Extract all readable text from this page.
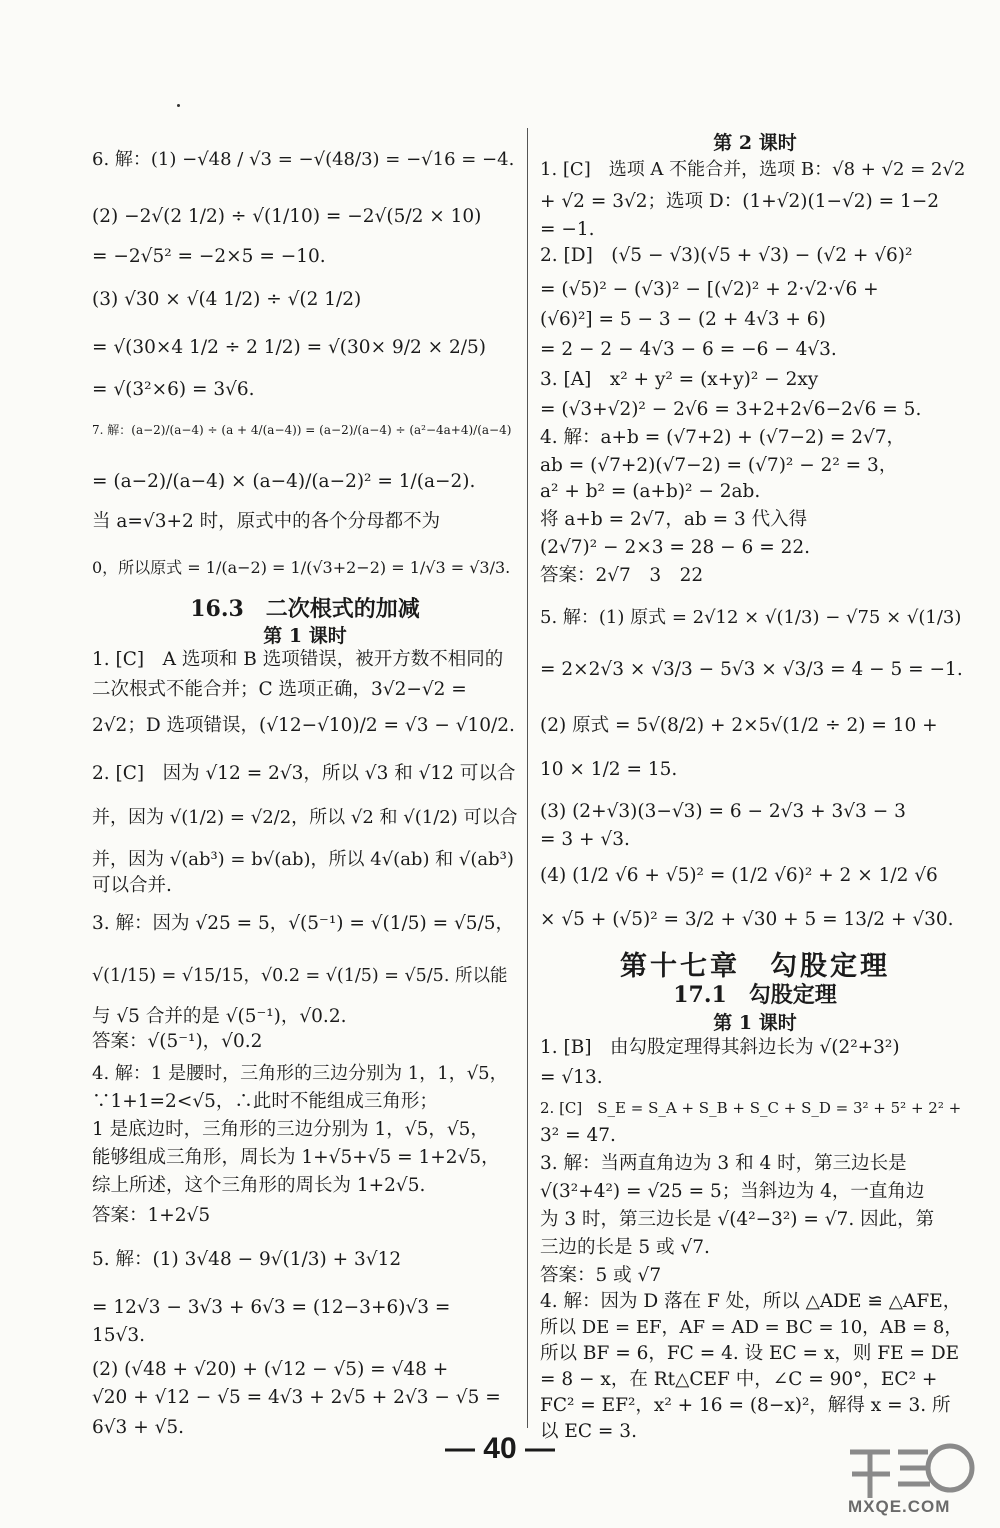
6. 解：(1) −√48 / √3 = −√(48/3) = −√16 = −4.
(2) −2√(2 1/2) ÷ √(1/10) = −2√(5/2 × 10)
= −2√5² = −2×5 = −10.
(3) √30 × √(4 1/2) ÷ √(2 1/2)
= √(30×4 1/2 ÷ 2 1/2) = √(30× 9/2 × 2/5)
= √(3²×6) = 3√6.
7. 解：(a−2)/(a−4) ÷ (a + 4/(a−4)) = (a−2)/(a−4) ÷ (a²−4a+4)/(a−4)
= (a−2)/(a−4) × (a−4)/(a−2)² = 1/(a−2).
当 a=√3+2 时，原式中的各个分母都不为
0，所以原式 = 1/(a−2) = 1/(√3+2−2) = 1/√3 = √3/3.
16.3　二次根式的加减
第 1 课时
1. [C]　A 选项和 B 选项错误，被开方数不相同的
二次根式不能合并；C 选项正确，3√2−√2 =
2√2；D 选项错误，(√12−√10)/2 = √3 − √10/2.
2. [C]　因为 √12 = 2√3，所以 √3 和 √12 可以合
并，因为 √(1/2) = √2/2，所以 √2 和 √(1/2) 可以合
并，因为 √(ab³) = b√(ab)，所以 4√(ab) 和 √(ab³)
可以合并.
3. 解：因为 √25 = 5，√(5⁻¹) = √(1/5) = √5/5，
√(1/15) = √15/15，√0.2 = √(1/5) = √5/5. 所以能
与 √5 合并的是 √(5⁻¹)，√0.2.
答案：√(5⁻¹)，√0.2
4. 解：1 是腰时，三角形的三边分别为 1，1，√5，
∵1+1=2<√5，∴此时不能组成三角形；
1 是底边时，三角形的三边分别为 1，√5，√5，
能够组成三角形，周长为 1+√5+√5 = 1+2√5，
综上所述，这个三角形的周长为 1+2√5.
答案：1+2√5
5. 解：(1) 3√48 − 9√(1/3) + 3√12
= 12√3 − 3√3 + 6√3 = (12−3+6)√3 =
15√3.
(2) (√48 + √20) + (√12 − √5) = √48 +
√20 + √12 − √5 = 4√3 + 2√5 + 2√3 − √5 =
6√3 + √5.
第 2 课时
1. [C]　选项 A 不能合并，选项 B：√8 + √2 = 2√2
+ √2 = 3√2；选项 D：(1+√2)(1−√2) = 1−2
= −1.
2. [D]　(√5 − √3)(√5 + √3) − (√2 + √6)²
= (√5)² − (√3)² − [(√2)² + 2·√2·√6 +
(√6)²] = 5 − 3 − (2 + 4√3 + 6)
= 2 − 2 − 4√3 − 6 = −6 − 4√3.
3. [A]　x² + y² = (x+y)² − 2xy
= (√3+√2)² − 2√6 = 3+2+2√6−2√6 = 5.
4. 解：a+b = (√7+2) + (√7−2) = 2√7，
ab = (√7+2)(√7−2) = (√7)² − 2² = 3，
a² + b² = (a+b)² − 2ab.
将 a+b = 2√7，ab = 3 代入得
(2√7)² − 2×3 = 28 − 6 = 22.
答案：2√7　3　22
5. 解：(1) 原式 = 2√12 × √(1/3) − √75 × √(1/3)
= 2×2√3 × √3/3 − 5√3 × √3/3 = 4 − 5 = −1.
(2) 原式 = 5√(8/2) + 2×5√(1/2 ÷ 2) = 10 +
10 × 1/2 = 15.
(3) (2+√3)(3−√3) = 6 − 2√3 + 3√3 − 3
= 3 + √3.
(4) (1/2 √6 + √5)² = (1/2 √6)² + 2 × 1/2 √6
× √5 + (√5)² = 3/2 + √30 + 5 = 13/2 + √30.
第十七章　勾股定理
17.1　勾股定理
第 1 课时
1. [B]　由勾股定理得其斜边长为 √(2²+3²)
= √13.
2. [C]　S_E = S_A + S_B + S_C + S_D = 3² + 5² + 2² +
3² = 47.
3. 解：当两直角边为 3 和 4 时，第三边长是
√(3²+4²) = √25 = 5；当斜边为 4，一直角边
为 3 时，第三边长是 √(4²−3²) = √7. 因此，第
三边的长是 5 或 √7.
答案：5 或 √7
4. 解：因为 D 落在 F 处，所以 △ADE ≌ △AFE，
所以 DE = EF，AF = AD = BC = 10，AB = 8，
所以 BF = 6，FC = 4. 设 EC = x，则 FE = DE
= 8 − x，在 Rt△CEF 中，∠C = 90°，EC² +
FC² = EF²，x² + 16 = (8−x)²，解得 x = 3. 所
以 EC = 3.
— 40 —
MXQE.COM
